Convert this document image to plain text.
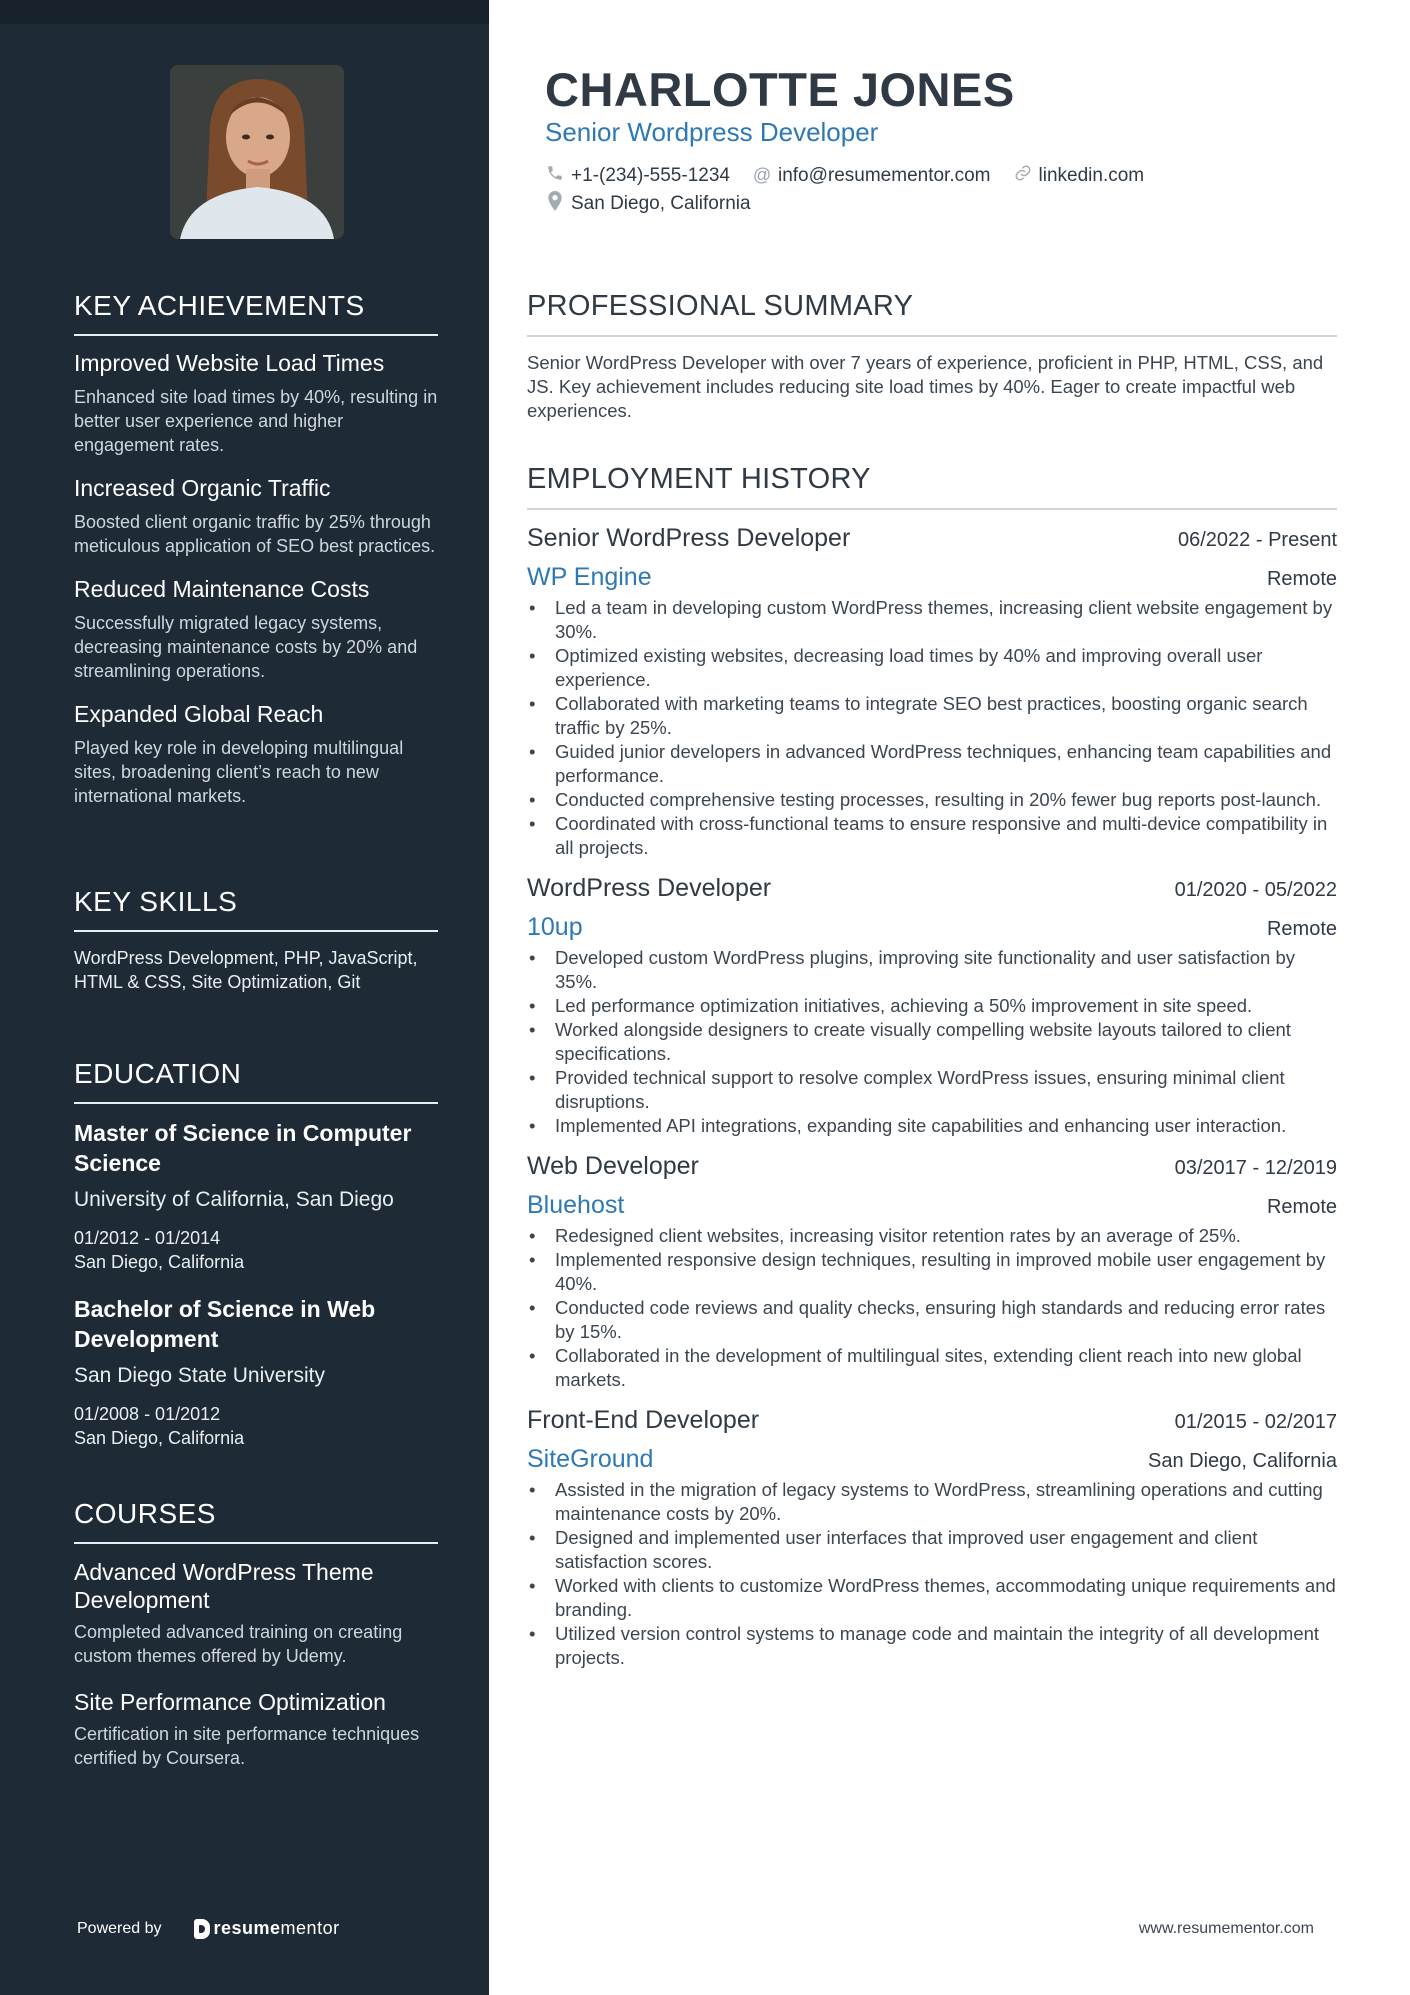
KEY ACHIEVEMENTS
Improved Website Load Times
Enhanced site load times by 40%, resulting in better user experience and higher engagement rates.
Increased Organic Traffic
Boosted client organic traffic by 25% through meticulous application of SEO best practices.
Reduced Maintenance Costs
Successfully migrated legacy systems, decreasing maintenance costs by 20% and streamlining operations.
Expanded Global Reach
Played key role in developing multilingual sites, broadening client’s reach to new international markets.
KEY SKILLS
WordPress Development, PHP, JavaScript, HTML & CSS, Site Optimization, Git
EDUCATION
Master of Science in Computer Science
University of California, San Diego
01/2012 - 01/2014
San Diego, California
Bachelor of Science in Web Development
San Diego State University
01/2008 - 01/2012
San Diego, California
COURSES
Advanced WordPress Theme Development
Completed advanced training on creating custom themes offered by Udemy.
Site Performance Optimization
Certification in site performance techniques certified by Coursera.
Powered by	resume mentor
CHARLOTTE JONES
Senior Wordpress Developer
+1-(234)-555-1234 @ info@resumementor.com	linkedin.com
San Diego, California
PROFESSIONAL SUMMARY
Senior WordPress Developer with over 7 years of experience, proficient in PHP, HTML, CSS, and JS. Key achievement includes reducing site load times by 40%. Eager to create impactful web experiences.
EMPLOYMENT HISTORY
Senior WordPress Developer	06/2022 - Present
WP Engine	Remote
• Led a team in developing custom WordPress themes, increasing client website engagement by 30%.
• Optimized existing websites, decreasing load times by 40% and improving overall user experience.
• Collaborated with marketing teams to integrate SEO best practices, boosting organic search traffic by 25%.
• Guided junior developers in advanced WordPress techniques, enhancing team capabilities and performance.
• Conducted comprehensive testing processes, resulting in 20% fewer bug reports post-launch.
• Coordinated with cross-functional teams to ensure responsive and multi-device compatibility in all projects.
WordPress Developer	01/2020 - 05/2022
10up	Remote
• Developed custom WordPress plugins, improving site functionality and user satisfaction by 35%.
• Led performance optimization initiatives, achieving a 50% improvement in site speed.
• Worked alongside designers to create visually compelling website layouts tailored to client specifications.
• Provided technical support to resolve complex WordPress issues, ensuring minimal client disruptions.
• Implemented API integrations, expanding site capabilities and enhancing user interaction.
Web Developer	03/2017 - 12/2019
Bluehost	Remote
• Redesigned client websites, increasing visitor retention rates by an average of 25%.
• Implemented responsive design techniques, resulting in improved mobile user engagement by 40%.
• Conducted code reviews and quality checks, ensuring high standards and reducing error rates by 15%.
• Collaborated in the development of multilingual sites, extending client reach into new global markets.
Front-End Developer	01/2015 - 02/2017
SiteGround	San Diego, California
• Assisted in the migration of legacy systems to WordPress, streamlining operations and cutting maintenance costs by 20%.
• Designed and implemented user interfaces that improved user engagement and client satisfaction scores.
• Worked with clients to customize WordPress themes, accommodating unique requirements and branding.
• Utilized version control systems to manage code and maintain the integrity of all development projects.
www.resumementor.com
